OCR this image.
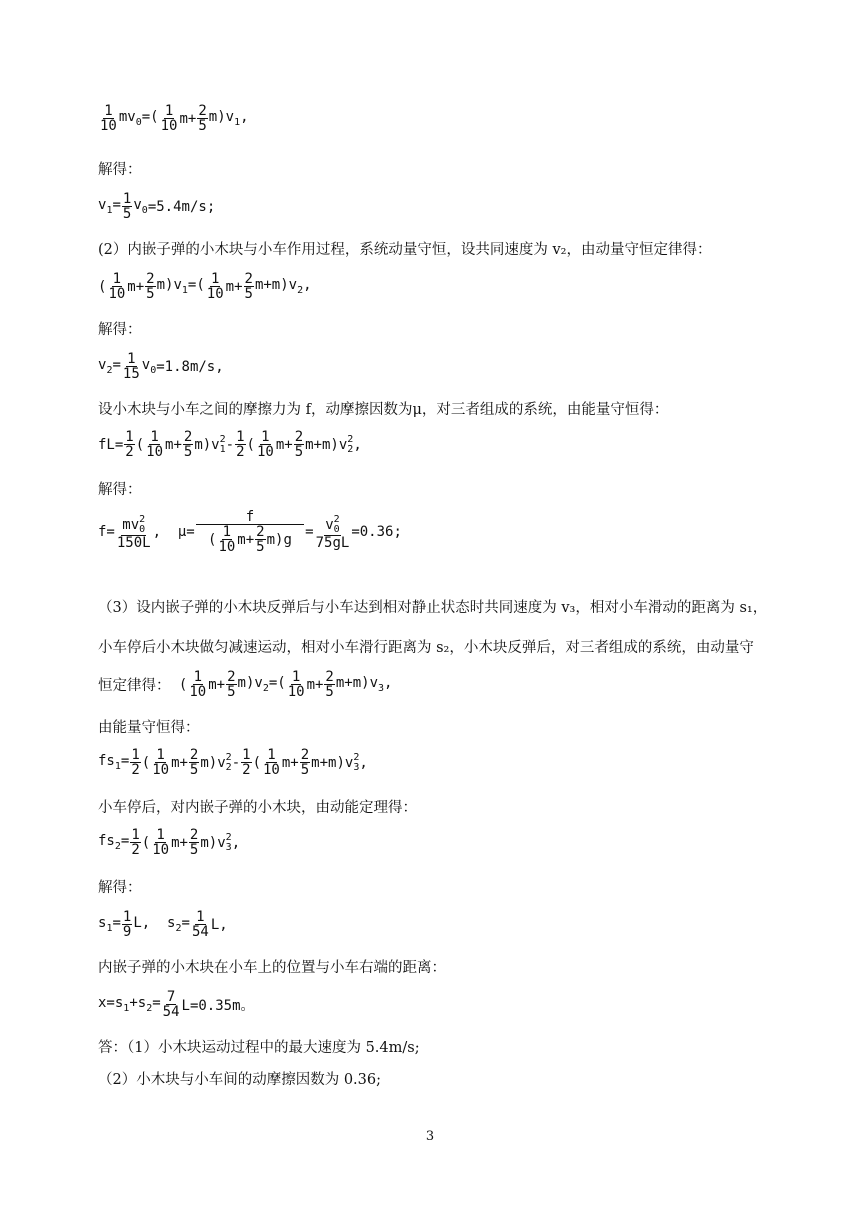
$\frac{1}{10} mv_0=( \frac{1}{10} m+ \frac{2}{5} m)v_1$,
解得：
$v_1= \frac{1}{5} v_0 =5.4m/s$;
(2）内嵌子弹的小木块与小车作用过程，系统动量守恒，设共同速度为 v₂，由动量守恒定律得：
( $\frac{1}{10} m+ \frac{2}{5} m)v_1=( \frac{1}{10} m+ \frac{2}{5} m+m)v_2$,
解得：
$v_2= \frac{1}{15} v_0 =1.8m/s$,
设小木块与小车之间的摩擦力为 f，动摩擦因数为μ，对三者组成的系统，由能量守恒得：
$fL= \frac{1}{2}$ ( $\frac{1}{10} m+ \frac{2}{5} m)v$ 2
$1 - \frac{1}{2}$ ( $\frac{1}{10} m+ \frac{2}{5} m+m)v$ 2
2 ,
解得：
f= mv 2
0
150L ,  $\mu= \frac{f}{( \frac{1}{10} m+ \frac{2}{5} m)g} = v$ 2
0
75gL =0.36;
（3）设内嵌子弹的小木块反弹后与小车达到相对静止状态时共同速度为 v₃，相对小车滑动的距离为 s₁，
小车停后小木块做匀减速运动，相对小车滑行距离为 s₂，小木块反弹后，对三者组成的系统，由动量守
恒定律得： ( $\frac{1}{10} m+ \frac{2}{5} m)v_2=( \frac{1}{10} m+ \frac{2}{5} m+m)v_3$,
由能量守恒得：
$fs_1= \frac{1}{2}$ ( $\frac{1}{10} m+ \frac{2}{5} m)v$ 2
$2 - \frac{1}{2}$ ( $\frac{1}{10} m+ \frac{2}{5} m+m)v$ 2
3 ,
小车停后，对内嵌子弹的小木块，由动能定理得：
$fs_2= \frac{1}{2}$ ( $\frac{1}{10} m+ \frac{2}{5} m)v$ 2
3 ,
解得：
$s_1= \frac{1}{9} L$,  $s_2= \frac{1}{54} L$,
内嵌子弹的小木块在小车上的位置与小车右端的距离：
$x=s_1+s_2= \frac{7}{54} L=0.35m$。
答：（1）小木块运动过程中的最大速度为 5.4m/s;
（2）小木块与小车间的动摩擦因数为 0.36;
3
